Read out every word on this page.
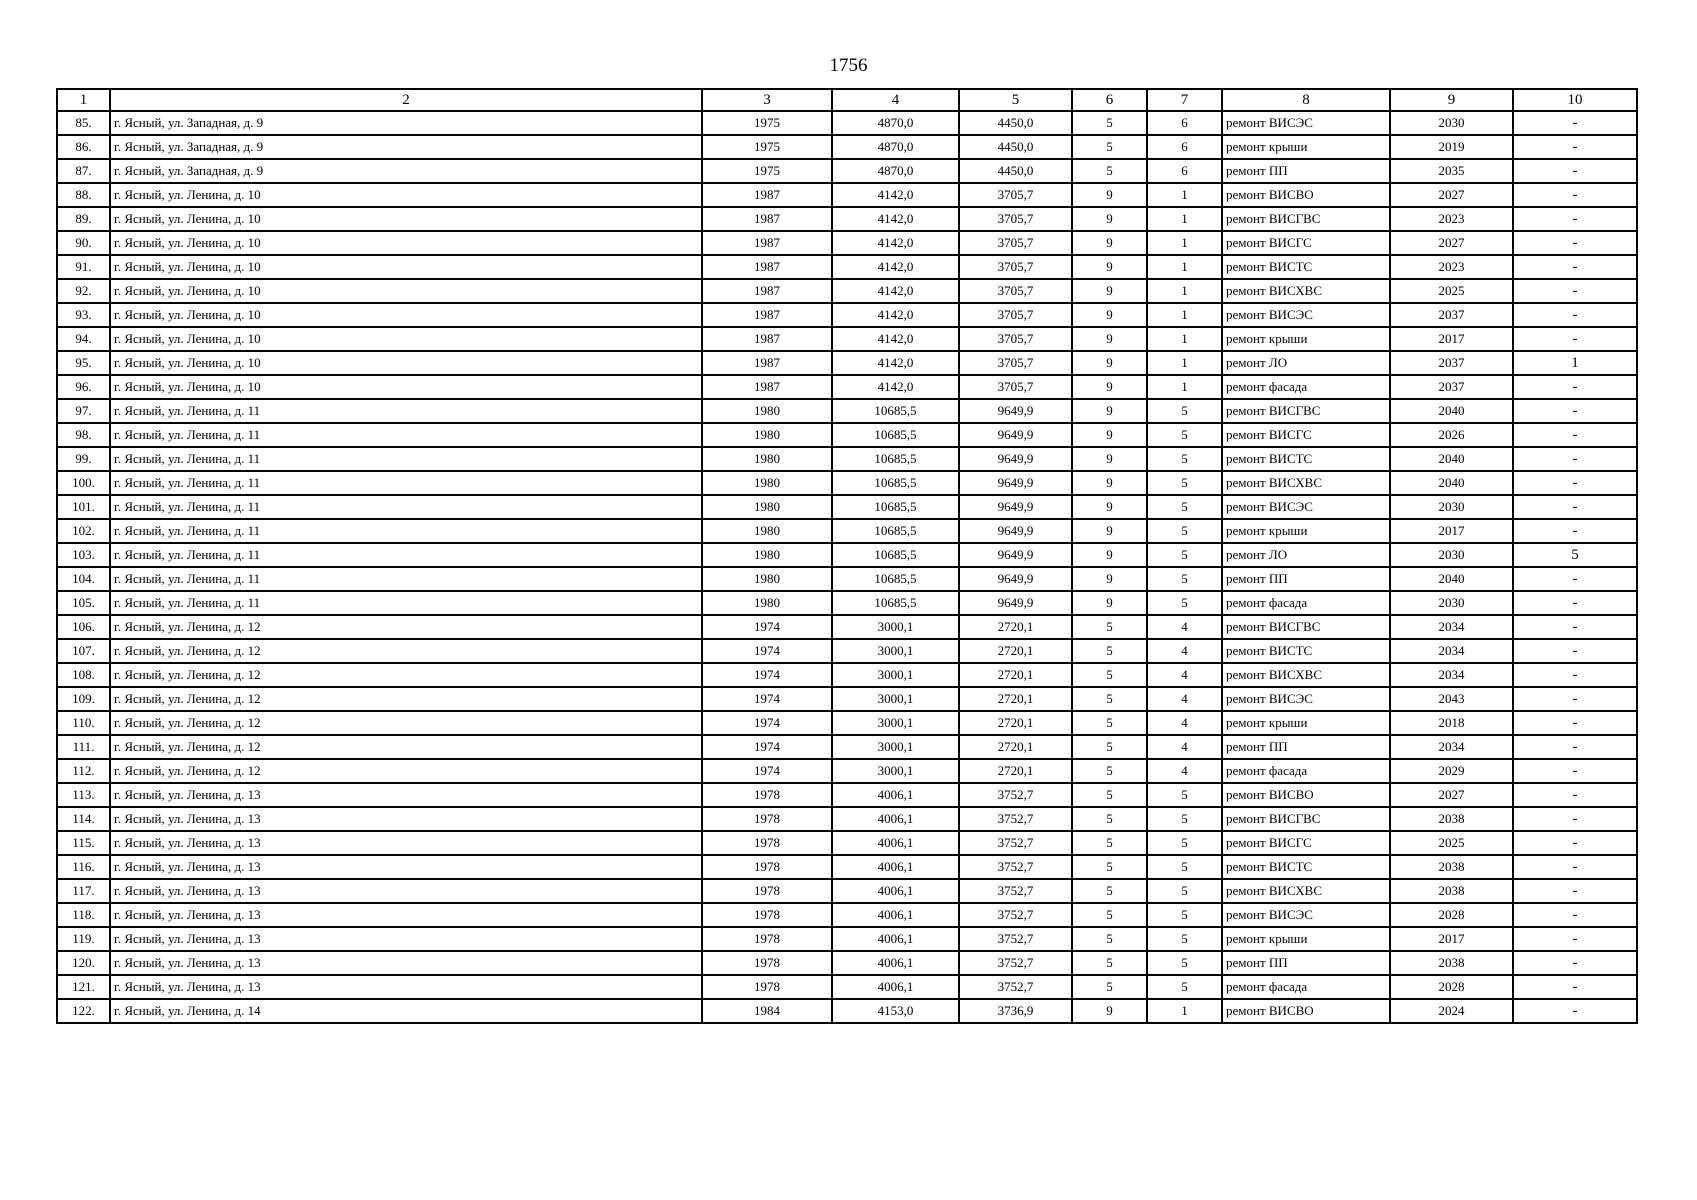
1756
1	2	3	4	5	6	7	8	9	10
85.	г. Ясный, ул. Западная, д. 9	1975	4870,0	4450,0	5	6	ремонт ВИСЭС	2030	-
86.	г. Ясный, ул. Западная, д. 9	1975	4870,0	4450,0	5	6	ремонт крыши	2019	-
87.	г. Ясный, ул. Западная, д. 9	1975	4870,0	4450,0	5	6	ремонт ПП	2035	-
88.	г. Ясный, ул. Ленина, д. 10	1987	4142,0	3705,7	9	1	ремонт ВИСВО	2027	-
89.	г. Ясный, ул. Ленина, д. 10	1987	4142,0	3705,7	9	1	ремонт ВИСГВС	2023	-
90.	г. Ясный, ул. Ленина, д. 10	1987	4142,0	3705,7	9	1	ремонт ВИСГС	2027	-
91.	г. Ясный, ул. Ленина, д. 10	1987	4142,0	3705,7	9	1	ремонт ВИСТС	2023	-
92.	г. Ясный, ул. Ленина, д. 10	1987	4142,0	3705,7	9	1	ремонт ВИСХВС	2025	-
93.	г. Ясный, ул. Ленина, д. 10	1987	4142,0	3705,7	9	1	ремонт ВИСЭС	2037	-
94.	г. Ясный, ул. Ленина, д. 10	1987	4142,0	3705,7	9	1	ремонт крыши	2017	-
95.	г. Ясный, ул. Ленина, д. 10	1987	4142,0	3705,7	9	1	ремонт ЛО	2037	1
96.	г. Ясный, ул. Ленина, д. 10	1987	4142,0	3705,7	9	1	ремонт фасада	2037	-
97.	г. Ясный, ул. Ленина, д. 11	1980	10685,5	9649,9	9	5	ремонт ВИСГВС	2040	-
98.	г. Ясный, ул. Ленина, д. 11	1980	10685,5	9649,9	9	5	ремонт ВИСГС	2026	-
99.	г. Ясный, ул. Ленина, д. 11	1980	10685,5	9649,9	9	5	ремонт ВИСТС	2040	-
100.	г. Ясный, ул. Ленина, д. 11	1980	10685,5	9649,9	9	5	ремонт ВИСХВС	2040	-
101.	г. Ясный, ул. Ленина, д. 11	1980	10685,5	9649,9	9	5	ремонт ВИСЭС	2030	-
102.	г. Ясный, ул. Ленина, д. 11	1980	10685,5	9649,9	9	5	ремонт крыши	2017	-
103.	г. Ясный, ул. Ленина, д. 11	1980	10685,5	9649,9	9	5	ремонт ЛО	2030	5
104.	г. Ясный, ул. Ленина, д. 11	1980	10685,5	9649,9	9	5	ремонт ПП	2040	-
105.	г. Ясный, ул. Ленина, д. 11	1980	10685,5	9649,9	9	5	ремонт фасада	2030	-
106.	г. Ясный, ул. Ленина, д. 12	1974	3000,1	2720,1	5	4	ремонт ВИСГВС	2034	-
107.	г. Ясный, ул. Ленина, д. 12	1974	3000,1	2720,1	5	4	ремонт ВИСТС	2034	-
108.	г. Ясный, ул. Ленина, д. 12	1974	3000,1	2720,1	5	4	ремонт ВИСХВС	2034	-
109.	г. Ясный, ул. Ленина, д. 12	1974	3000,1	2720,1	5	4	ремонт ВИСЭС	2043	-
110.	г. Ясный, ул. Ленина, д. 12	1974	3000,1	2720,1	5	4	ремонт крыши	2018	-
111.	г. Ясный, ул. Ленина, д. 12	1974	3000,1	2720,1	5	4	ремонт ПП	2034	-
112.	г. Ясный, ул. Ленина, д. 12	1974	3000,1	2720,1	5	4	ремонт фасада	2029	-
113.	г. Ясный, ул. Ленина, д. 13	1978	4006,1	3752,7	5	5	ремонт ВИСВО	2027	-
114.	г. Ясный, ул. Ленина, д. 13	1978	4006,1	3752,7	5	5	ремонт ВИСГВС	2038	-
115.	г. Ясный, ул. Ленина, д. 13	1978	4006,1	3752,7	5	5	ремонт ВИСГС	2025	-
116.	г. Ясный, ул. Ленина, д. 13	1978	4006,1	3752,7	5	5	ремонт ВИСТС	2038	-
117.	г. Ясный, ул. Ленина, д. 13	1978	4006,1	3752,7	5	5	ремонт ВИСХВС	2038	-
118.	г. Ясный, ул. Ленина, д. 13	1978	4006,1	3752,7	5	5	ремонт ВИСЭС	2028	-
119.	г. Ясный, ул. Ленина, д. 13	1978	4006,1	3752,7	5	5	ремонт крыши	2017	-
120.	г. Ясный, ул. Ленина, д. 13	1978	4006,1	3752,7	5	5	ремонт ПП	2038	-
121.	г. Ясный, ул. Ленина, д. 13	1978	4006,1	3752,7	5	5	ремонт фасада	2028	-
122.	г. Ясный, ул. Ленина, д. 14	1984	4153,0	3736,9	9	1	ремонт ВИСВО	2024	-
